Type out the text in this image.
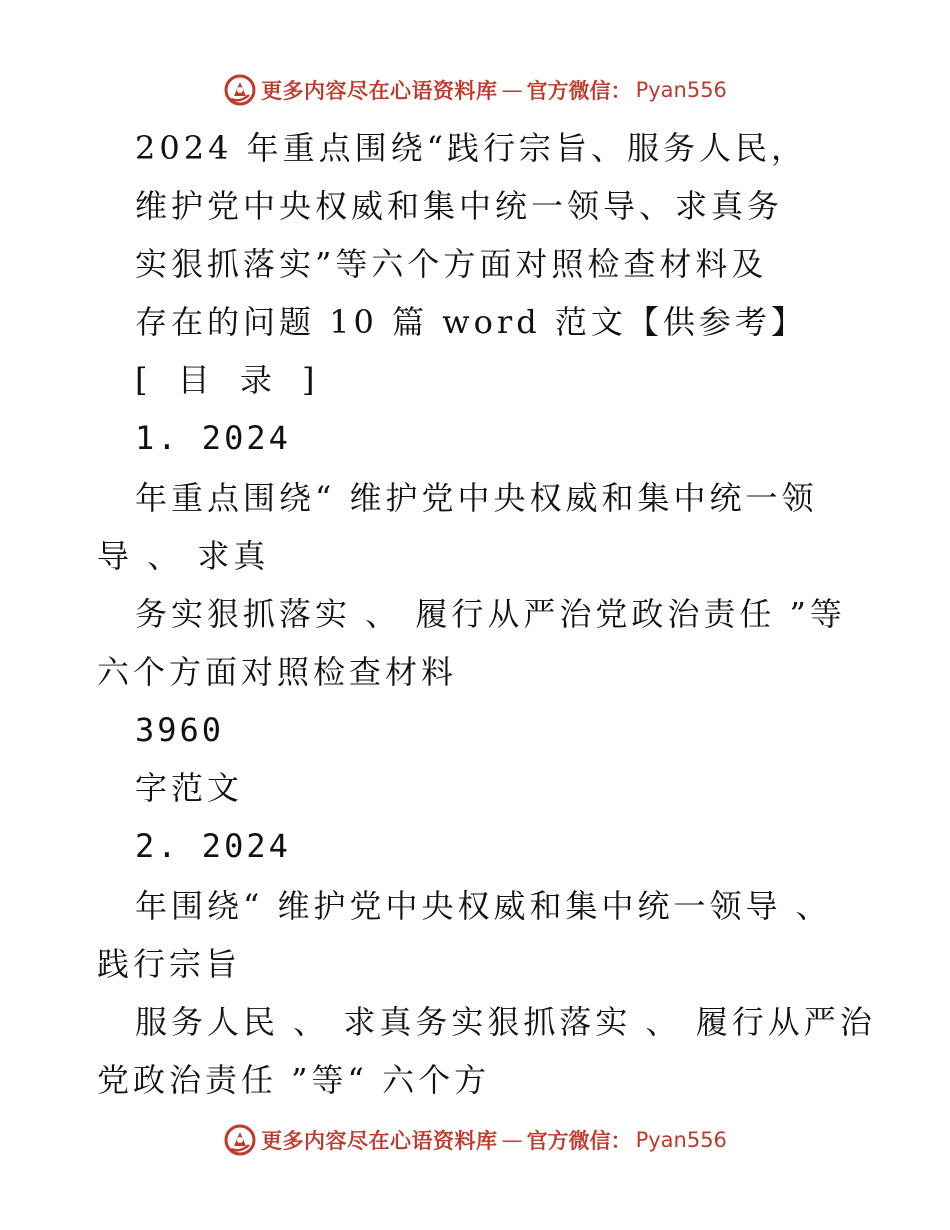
更多内容尽在心语资料库 — 官方微信： Pyan556
2024 年重点围绕“践行宗旨、服务人民，
维护党中央权威和集中统一领导、求真务
实狠抓落实”等六个方面对照检查材料及
存在的问题 10 篇 word 范文【供参考】
[ 目 录 ]
1. 2024
年重点围绕“ 维护党中央权威和集中统一领
导 、 求真
务实狠抓落实 、 履行从严治党政治责任 ”等
六个方面对照检查材料
3960
字范文
2. 2024
年围绕“ 维护党中央权威和集中统一领导 、
践行宗旨
服务人民 、 求真务实狠抓落实 、 履行从严治
党政治责任 ”等“ 六个方
更多内容尽在心语资料库 — 官方微信： Pyan556
